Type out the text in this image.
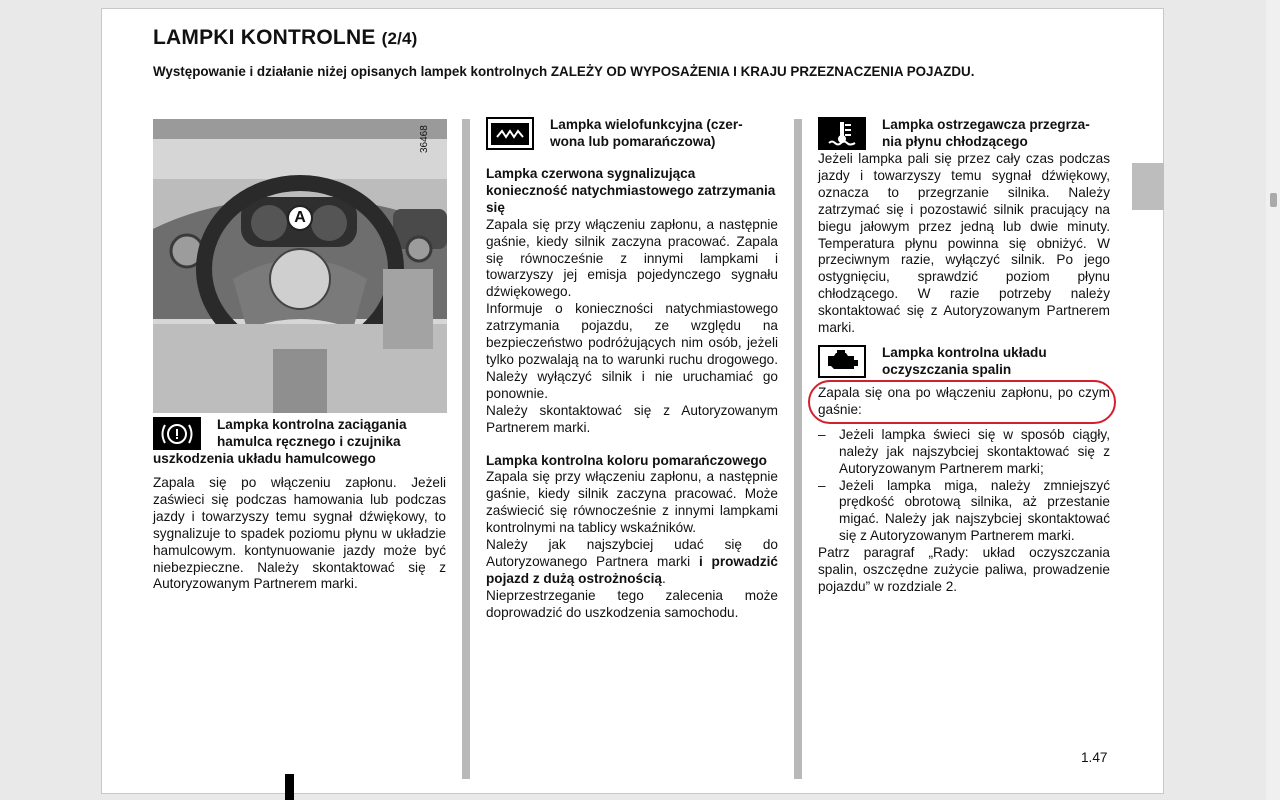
LAMPKI KONTROLNE (2/4)
Występowanie i działanie niżej opisanych lampek kontrolnych ZALEŻY OD WYPOSAŻENIA I KRAJU PRZEZNACZENIA POJAZDU.
A
36468
Lampka kontrolna zaciągania
hamulca ręcznego i czujnika
uszkodzenia układu hamulcowego

Zapala się po włączeniu zapłonu. Jeżeli zaświeci się podczas hamowania lub podczas jazdy i towarzyszy temu sygnał dźwiękowy, to sygnalizuje to spadek poziomu płynu w układzie hamulcowym. kontynuowanie jazdy może być niebezpieczne. Należy skontaktować się z Autoryzowanym Partnerem marki.

Lampka wielofunkcyjna (czer-
wona lub pomarańczowa)

Lampka czerwona sygnalizująca konieczność natychmiastowego zatrzymania się

Zapala się przy włączeniu zapłonu, a następnie gaśnie, kiedy silnik zaczyna pracować. Zapala się równocześnie z innymi lampkami i towarzyszy jej emisja pojedynczego sygnału dźwiękowego.

Informuje o konieczności natychmiastowego zatrzymania pojazdu, ze względu na bezpieczeństwo podróżujących nim osób, jeżeli tylko pozwalają na to warunki ruchu drogowego. Należy wyłączyć silnik i nie uruchamiać go ponownie.

Należy skontaktować się z Autoryzowanym Partnerem marki.

Lampka kontrolna koloru pomarańczowego

Zapala się przy włączeniu zapłonu, a następnie gaśnie, kiedy silnik zaczyna pracować. Może zaświecić się równocześnie z innymi lampkami kontrolnymi na tablicy wskaźników.

Należy jak najszybciej udać się do Autoryzowanego Partnera marki i prowadzić pojazd z dużą ostrożnością.

Nieprzestrzeganie tego zalecenia może doprowadzić do uszkodzenia samochodu.

Lampka ostrzegawcza przegrza-
nia płynu chłodzącego

Jeżeli lampka pali się przez cały czas podczas jazdy i towarzyszy temu sygnał dźwiękowy, oznacza to przegrzanie silnika. Należy zatrzymać się i pozostawić silnik pracujący na biegu jałowym przez jedną lub dwie minuty. Temperatura płynu powinna się obniżyć. W przeciwnym razie, wyłączyć silnik. Po jego ostygnięciu, sprawdzić poziom płynu chłodzącego. W razie potrzeby należy skontaktować się z Autoryzowanym Partnerem marki.

Lampka kontrolna układu
oczyszczania spalin

Zapala się ona po włączeniu zapłonu, po czym gaśnie:

– Jeżeli lampka świeci się w sposób ciągły, należy jak najszybciej skontaktować się z Autoryzowanym Partnerem marki;
– Jeżeli lampka miga, należy zmniejszyć prędkość obrotową silnika, aż przestanie migać. Należy jak najszybciej skontaktować się z Autoryzowanym Partnerem marki.

Patrz paragraf „Rady: układ oczyszczania spalin, oszczędne zużycie paliwa, prowadzenie pojazdu” w rozdziale 2.

1.47
